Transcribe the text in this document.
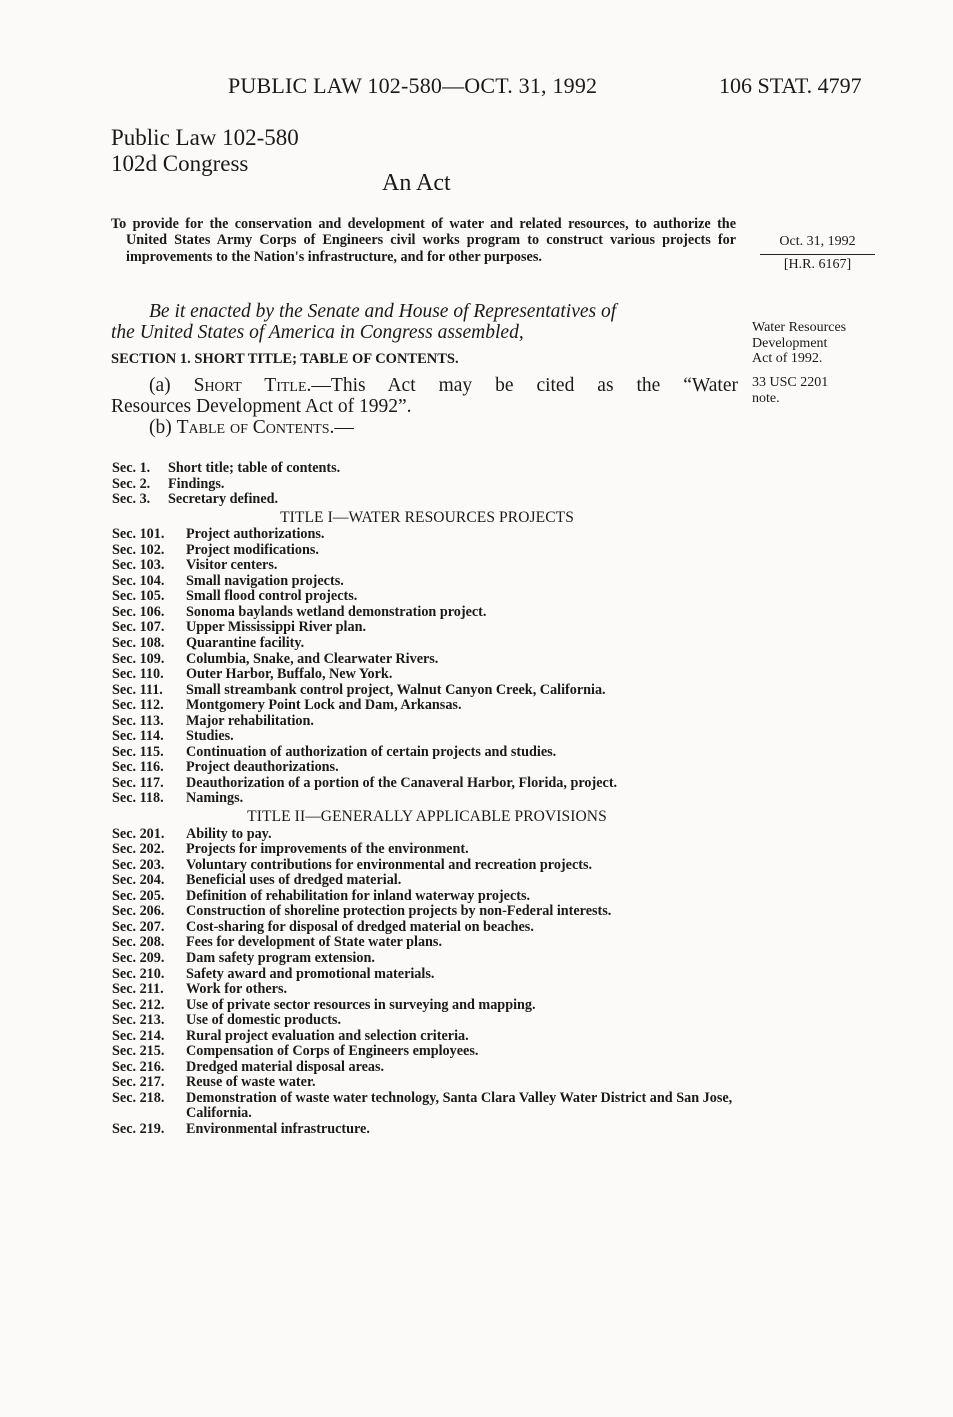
PUBLIC LAW 102-580—OCT. 31, 1992	106 STAT. 4797
Public Law 102-580
102d Congress
An Act
To provide for the conservation and development of water and related resources, to authorize the United States Army Corps of Engineers civil works program to construct various projects for improvements to the Nation's infrastructure, and for other purposes.
Oct. 31, 1992
[H.R. 6167]
Water Resources
Development
Act of 1992.
33 USC 2201
note.
Be it enacted by the Senate and House of Representatives of
the United States of America in Congress assembled,
SECTION 1. SHORT TITLE; TABLE OF CONTENTS.
(a) Short Title.—This Act may be cited as the “Water
Resources Development Act of 1992”.
(b) Table of Contents.—
Sec. 1.	Short title; table of contents.
Sec. 2.	Findings.
Sec. 3.	Secretary defined.
TITLE I—WATER RESOURCES PROJECTS
Sec. 101.	Project authorizations.
Sec. 102.	Project modifications.
Sec. 103.	Visitor centers.
Sec. 104.	Small navigation projects.
Sec. 105.	Small flood control projects.
Sec. 106.	Sonoma baylands wetland demonstration project.
Sec. 107.	Upper Mississippi River plan.
Sec. 108.	Quarantine facility.
Sec. 109.	Columbia, Snake, and Clearwater Rivers.
Sec. 110.	Outer Harbor, Buffalo, New York.
Sec. 111.	Small streambank control project, Walnut Canyon Creek, California.
Sec. 112.	Montgomery Point Lock and Dam, Arkansas.
Sec. 113.	Major rehabilitation.
Sec. 114.	Studies.
Sec. 115.	Continuation of authorization of certain projects and studies.
Sec. 116.	Project deauthorizations.
Sec. 117.	Deauthorization of a portion of the Canaveral Harbor, Florida, project.
Sec. 118.	Namings.
TITLE II—GENERALLY APPLICABLE PROVISIONS
Sec. 201.	Ability to pay.
Sec. 202.	Projects for improvements of the environment.
Sec. 203.	Voluntary contributions for environmental and recreation projects.
Sec. 204.	Beneficial uses of dredged material.
Sec. 205.	Definition of rehabilitation for inland waterway projects.
Sec. 206.	Construction of shoreline protection projects by non-Federal interests.
Sec. 207.	Cost-sharing for disposal of dredged material on beaches.
Sec. 208.	Fees for development of State water plans.
Sec. 209.	Dam safety program extension.
Sec. 210.	Safety award and promotional materials.
Sec. 211.	Work for others.
Sec. 212.	Use of private sector resources in surveying and mapping.
Sec. 213.	Use of domestic products.
Sec. 214.	Rural project evaluation and selection criteria.
Sec. 215.	Compensation of Corps of Engineers employees.
Sec. 216.	Dredged material disposal areas.
Sec. 217.	Reuse of waste water.
Sec. 218.	Demonstration of waste water technology, Santa Clara Valley Water District and San Jose, California.
Sec. 219.	Environmental infrastructure.
